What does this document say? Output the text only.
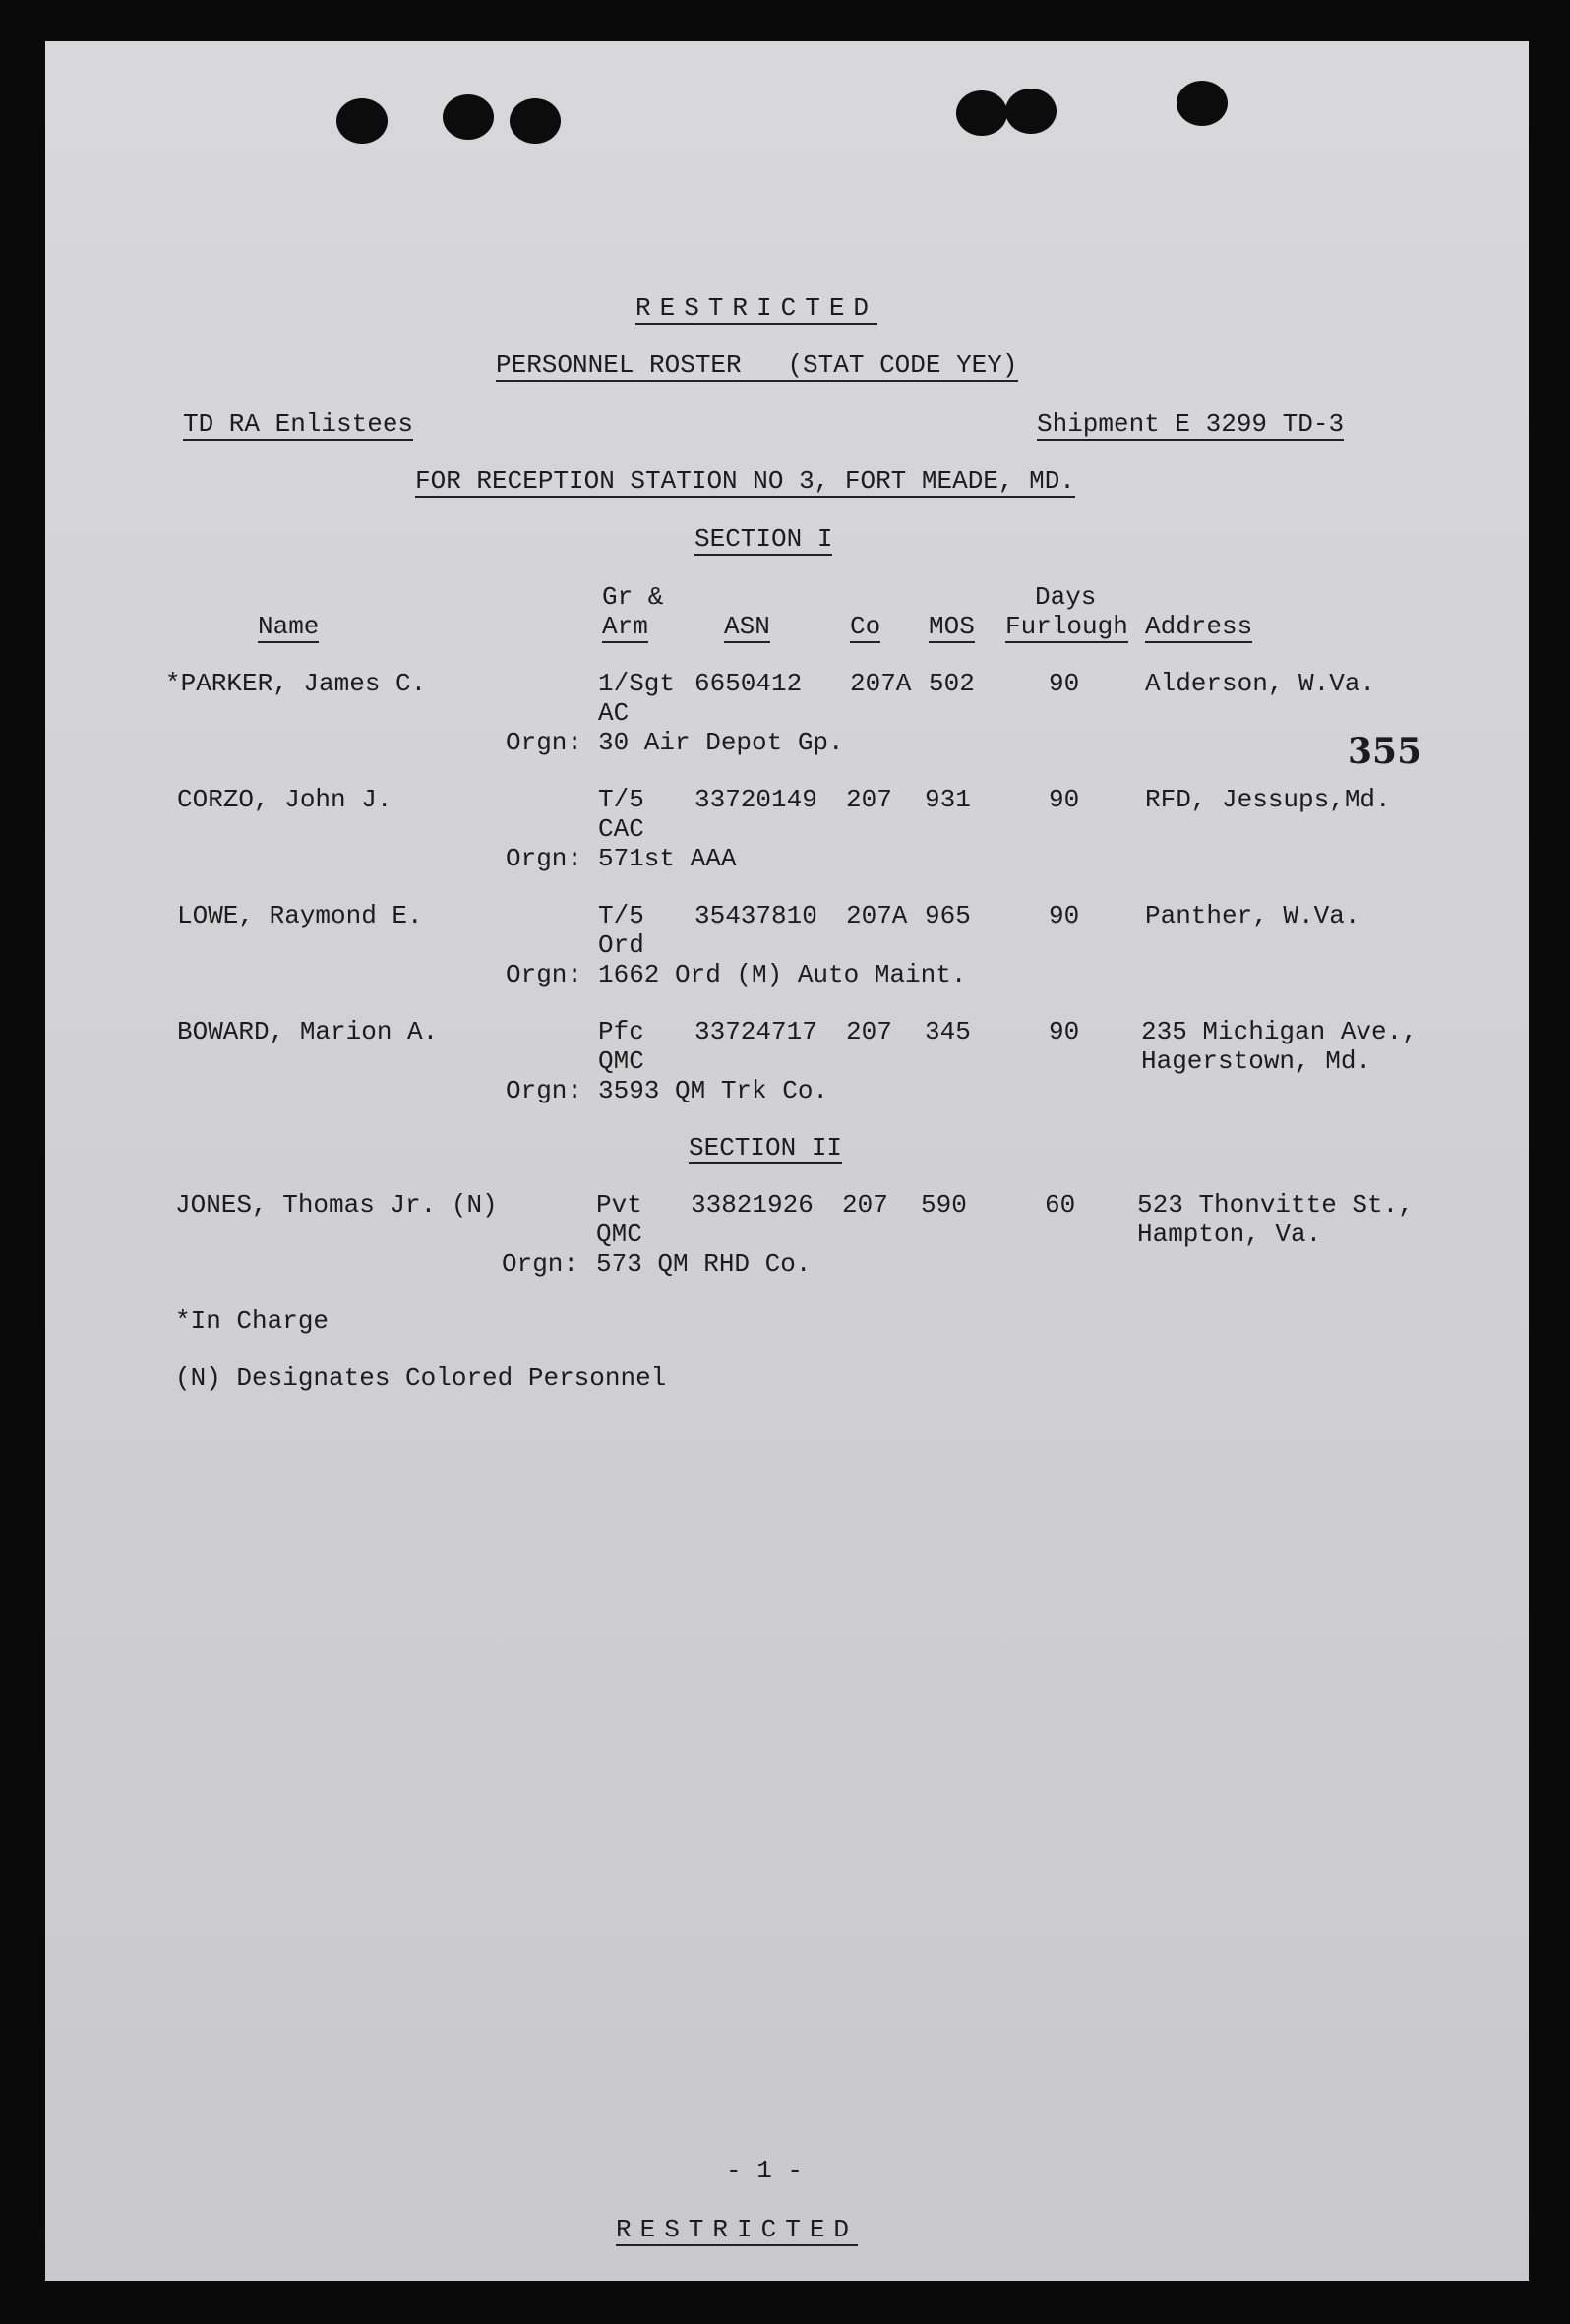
RESTRICTED
PERSONNEL ROSTER (STAT CODE YEY)
TD RA Enlistees	Shipment E 3299 TD-3
FOR RECEPTION STATION NO 3, FORT MEADE, MD.
SECTION I
Gr &	Days
Name	Arm	ASN	Co MOS Furlough Address
*PARKER, James C.	1/Sgt 6650412 207A 502	90	Alderson, W.Va.
AC
Orgn: 30 Air Depot Gp.	355
CORZO, John J.	T/5 33720149 207 931	90	RFD, Jessups,Md.
CAC
Orgn: 571st AAA
LOWE, Raymond E.	T/5 35437810 207A 965	90	Panther, W.Va.
Ord
Orgn: 1662 Ord (M) Auto Maint.
BOWARD, Marion A.	Pfc 33724717 207 345	90 235 Michigan Ave.,
QMC	Hagerstown, Md.
Orgn: 3593 QM Trk Co.
SECTION II
JONES, Thomas Jr. (N)	Pvt 33821926 207 590	60 523 Thonvitte St.,
QMC	Hampton, Va.
Orgn: 573 QM RHD Co.
*In Charge
(N) Designates Colored Personnel
- 1 -
RESTRICTED
